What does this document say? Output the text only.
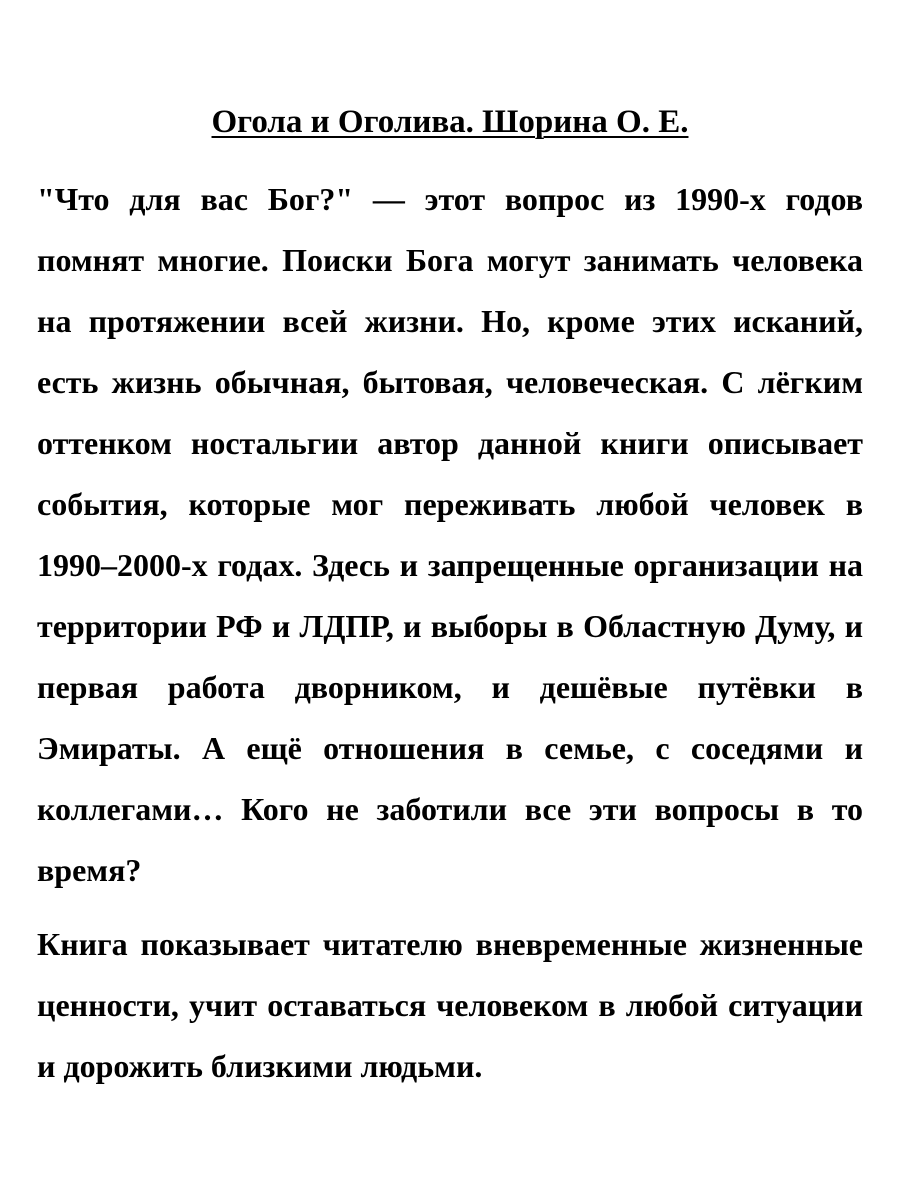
Огола и Оголива. Шорина О. Е.

"Что для вас Бог?" — этот вопрос из 1990-х годов помнят многие. Поиски Бога могут занимать человека на протяжении всей жизни. Но, кроме этих исканий, есть жизнь обычная, бытовая, человеческая. С лёгким оттенком ностальгии автор данной книги описывает события, которые мог переживать любой человек в 1990–2000-х годах. Здесь и запрещенные организации на территории РФ и ЛДПР, и выборы в Областную Думу, и первая работа дворником, и дешёвые путёвки в Эмираты. А ещё отношения в семье, с соседями и коллегами… Кого не заботили все эти вопросы в то время?

Книга показывает читателю вневременные жизненные ценности, учит оставаться человеком в любой ситуации и дорожить близкими людьми.
